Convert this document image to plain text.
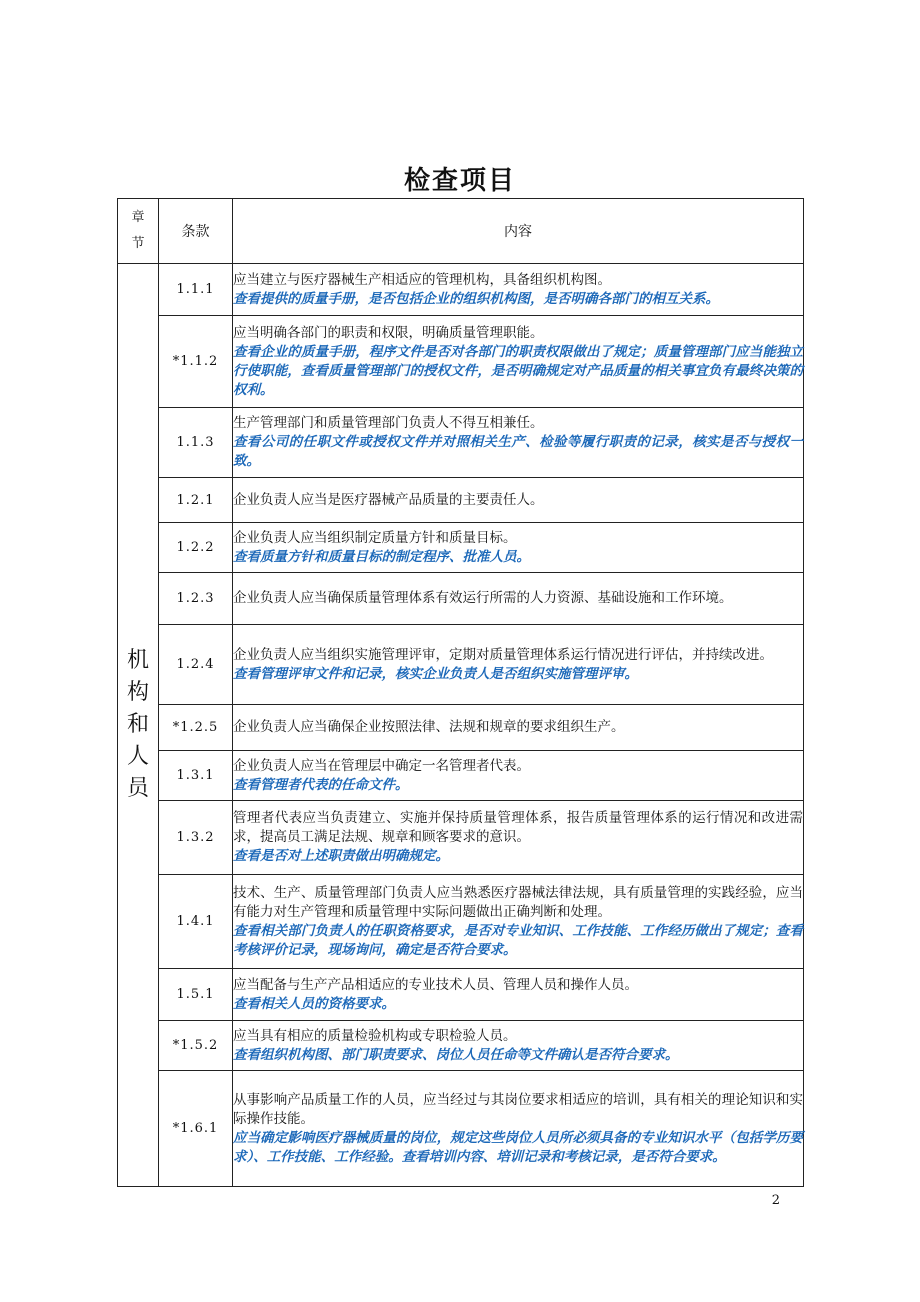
检查项目
章
节	条款	内容

机
构
和
人
员	1.1.1	应当建立与医疗器械生产相适应的管理机构，具备组织机构图。
查看提供的质量手册，是否包括企业的组织机构图，是否明确各部门的相互关系。

	*1.1.2	应当明确各部门的职责和权限，明确质量管理职能。
查看企业的质量手册，程序文件是否对各部门的职责权限做出了规定；质量管理部门应当能独立行使职能，查看质量管理部门的授权文件，是否明确规定对产品质量的相关事宜负有最终决策的权利。

	1.1.3	生产管理部门和质量管理部门负责人不得互相兼任。
查看公司的任职文件或授权文件并对照相关生产、检验等履行职责的记录，核实是否与授权一致。

	1.2.1	企业负责人应当是医疗器械产品质量的主要责任人。

	1.2.2	企业负责人应当组织制定质量方针和质量目标。
查看质量方针和质量目标的制定程序、批准人员。

	1.2.3	企业负责人应当确保质量管理体系有效运行所需的人力资源、基础设施和工作环境。

	1.2.4	企业负责人应当组织实施管理评审，定期对质量管理体系运行情况进行评估，并持续改进。
查看管理评审文件和记录，核实企业负责人是否组织实施管理评审。

	*1.2.5	企业负责人应当确保企业按照法律、法规和规章的要求组织生产。

	1.3.1	企业负责人应当在管理层中确定一名管理者代表。
查看管理者代表的任命文件。

	1.3.2	管理者代表应当负责建立、实施并保持质量管理体系，报告质量管理体系的运行情况和改进需求，提高员工满足法规、规章和顾客要求的意识。
查看是否对上述职责做出明确规定。

	1.4.1	技术、生产、质量管理部门负责人应当熟悉医疗器械法律法规，具有质量管理的实践经验，应当有能力对生产管理和质量管理中实际问题做出正确判断和处理。
查看相关部门负责人的任职资格要求，是否对专业知识、工作技能、工作经历做出了规定；查看考核评价记录，现场询问，确定是否符合要求。

	1.5.1	应当配备与生产产品相适应的专业技术人员、管理人员和操作人员。
查看相关人员的资格要求。

	*1.5.2	应当具有相应的质量检验机构或专职检验人员。
查看组织机构图、部门职责要求、岗位人员任命等文件确认是否符合要求。

	*1.6.1	从事影响产品质量工作的人员，应当经过与其岗位要求相适应的培训，具有相关的理论知识和实际操作技能。
应当确定影响医疗器械质量的岗位，规定这些岗位人员所必须具备的专业知识水平（包括学历要求）、工作技能、工作经验。查看培训内容、培训记录和考核记录，是否符合要求。
2
